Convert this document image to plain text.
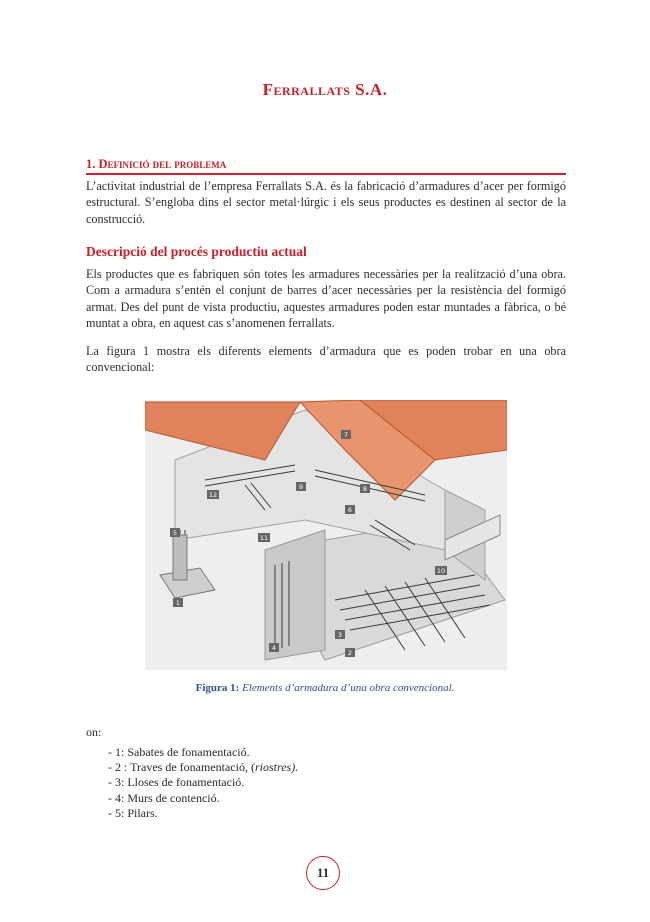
Ferrallats S.A.
1. Definició del problema

L’activitat industrial de l’empresa Ferrallats S.A. és la fabricació d’armadures d’acer per formigó estructural. S’engloba dins el sector metal·lúrgic i els seus productes es destinen al sector de la construcció.

Descripció del procés productiu actual

Els productes que es fabriquen són totes les armadures necessàries per la realització d’una obra. Com a armadura s’entén el conjunt de barres d’acer necessàries per la resistència del formigó armat. Des del punt de vista productiu, aquestes armadures poden estar muntades a fàbrica, o bé muntat a obra, en aquest cas s’anomenen ferrallats.

La figura 1 mostra els diferents elements d’armadura que es poden trobar en una obra convencional:

1
2
3
4
5
6
7
8
9
10
11
12

Figura 1: Elements d’armadura d’una obra convencional.

on:

- 1: Sabates de fonamentació.
- 2 : Traves de fonamentació, (riostres).
- 3: Lloses de fonamentació.
- 4: Murs de contenció.
- 5: Pilars.
11
